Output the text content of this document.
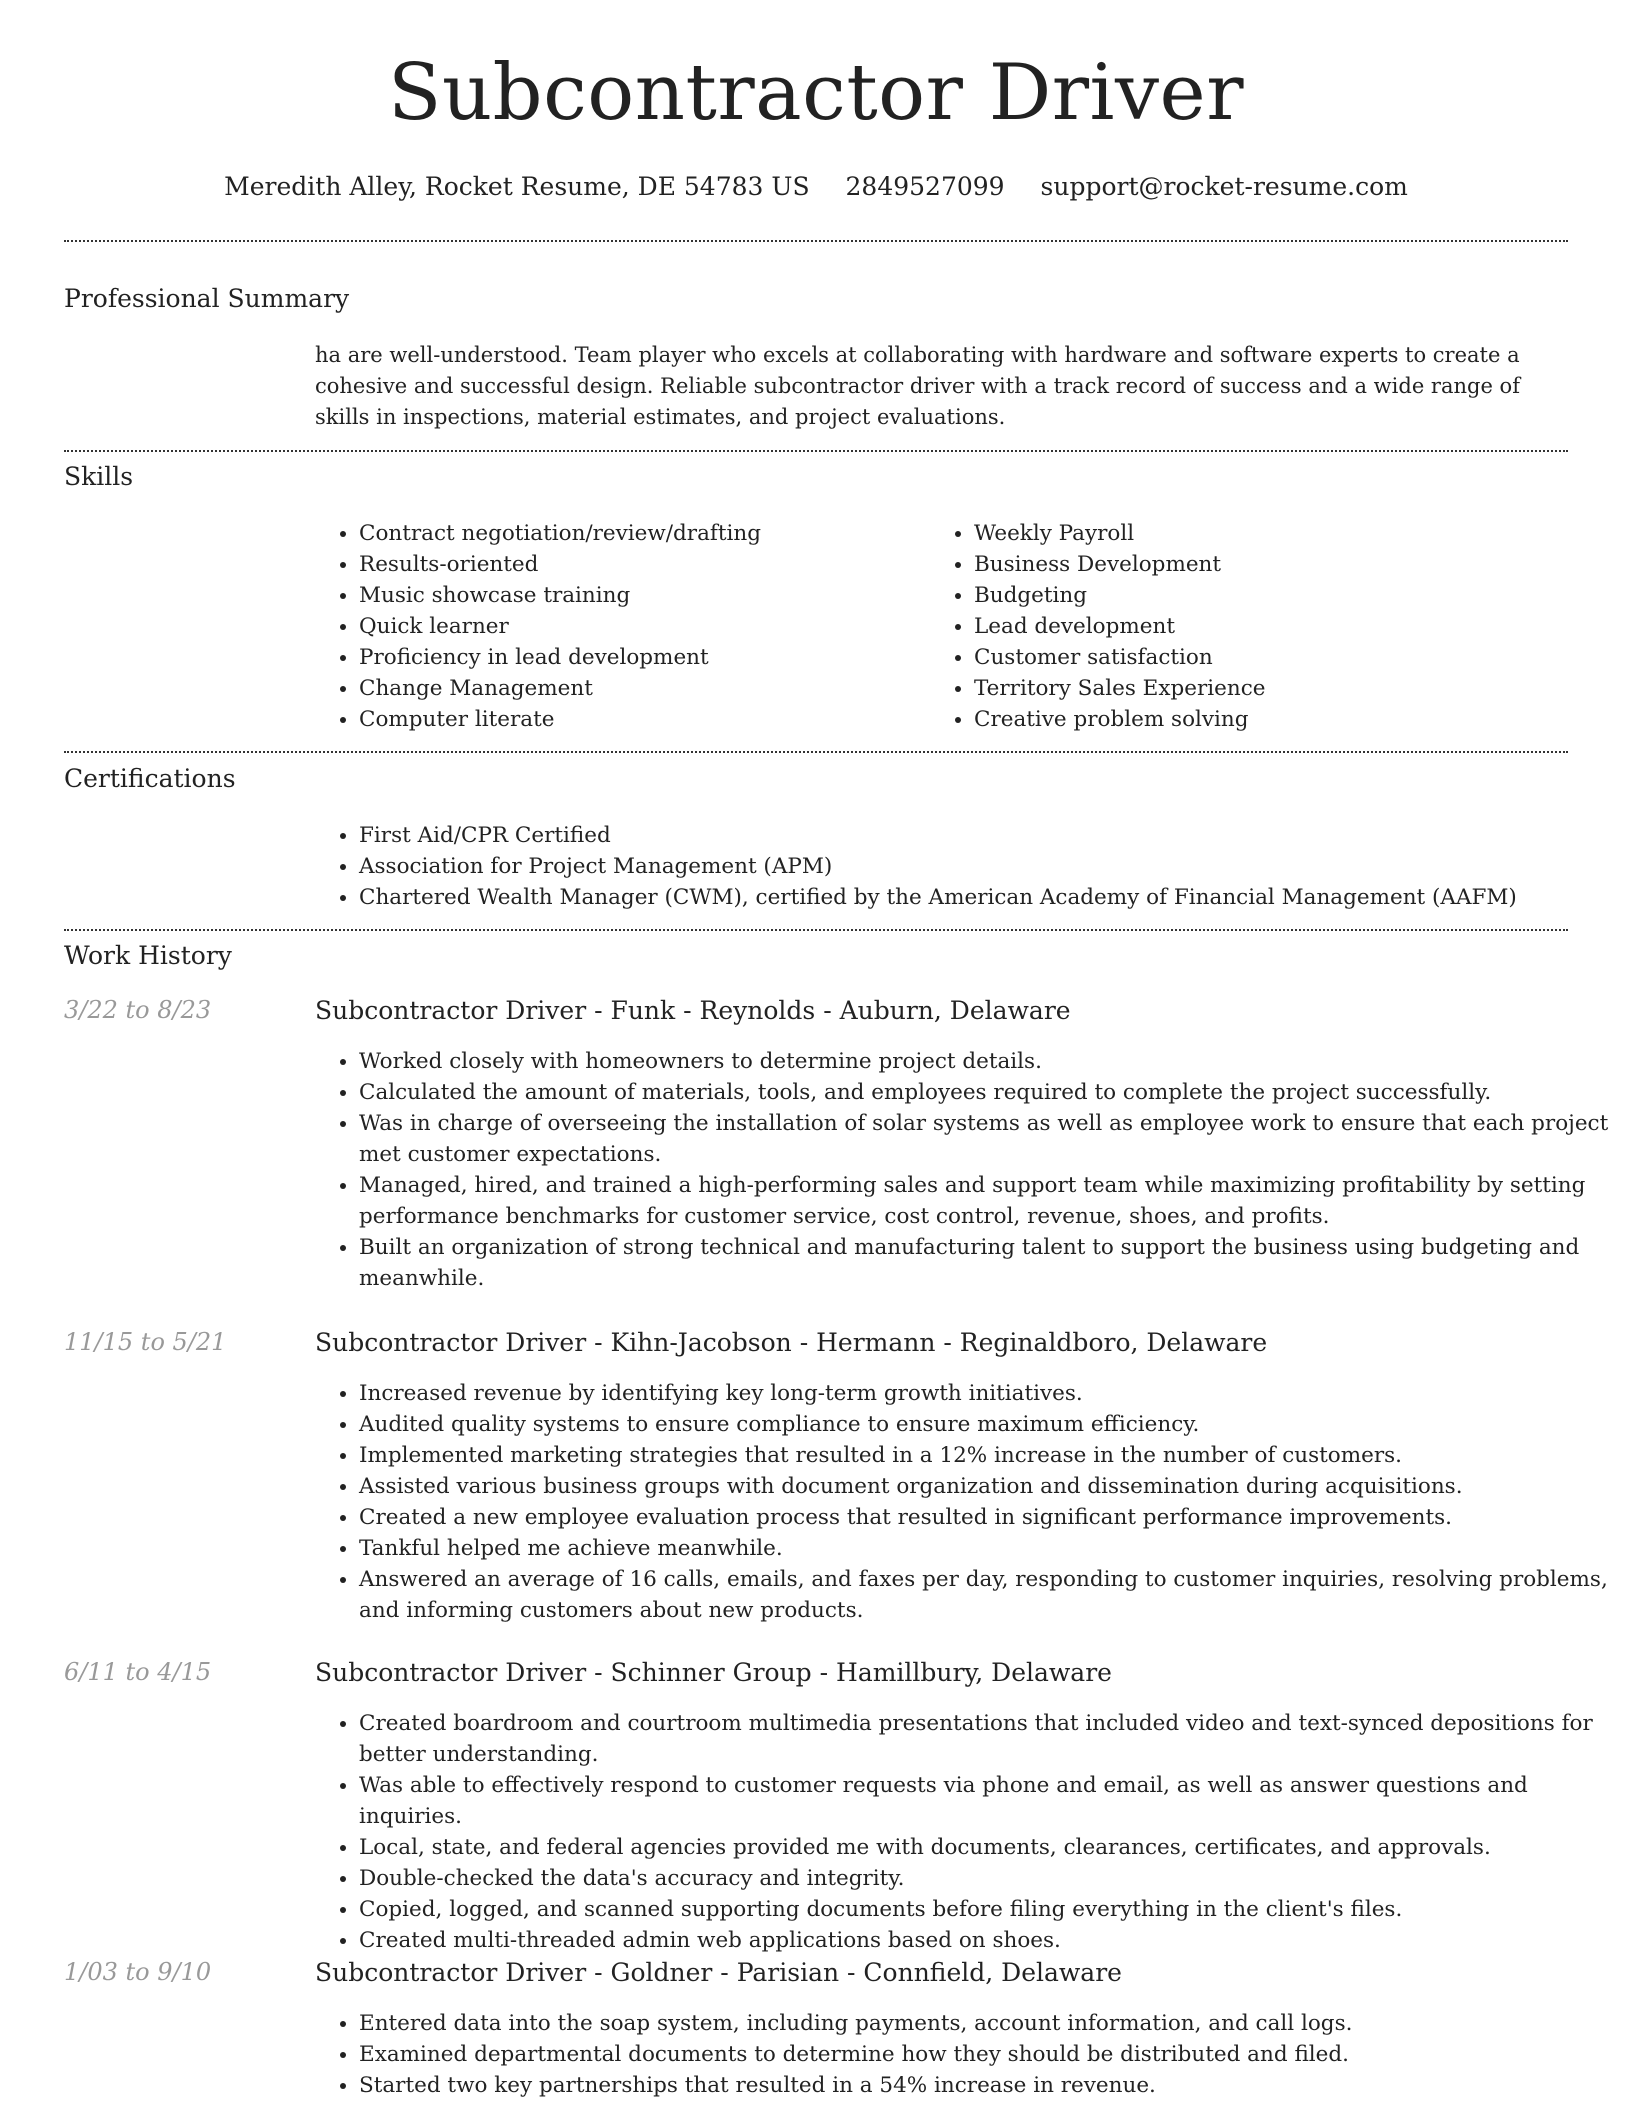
Subcontractor Driver
Meredith Alley, Rocket Resume, DE 54783 US 2849527099 support@rocket-resume.com
Professional Summary

ha are well-understood. Team player who excels at collaborating with hardware and software experts to create a cohesive and successful design. Reliable subcontractor driver with a track record of success and a wide range of skills in inspections, material estimates, and project evaluations.

Skills
• Contract negotiation/review/drafting
• Results-oriented
• Music showcase training
• Quick learner
• Proficiency in lead development
• Change Management
• Computer literate
• Weekly Payroll
• Business Development
• Budgeting
• Lead development
• Customer satisfaction
• Territory Sales Experience
• Creative problem solving
Certifications
• First Aid/CPR Certified
• Association for Project Management (APM)
• Chartered Wealth Manager (CWM), certified by the American Academy of Financial Management (AAFM)
Work History
3/22 to 8/23	Subcontractor Driver - Funk - Reynolds - Auburn, Delaware
• Worked closely with homeowners to determine project details.
• Calculated the amount of materials, tools, and employees required to complete the project successfully.
• Was in charge of overseeing the installation of solar systems as well as employee work to ensure that each project met customer expectations.
• Managed, hired, and trained a high-performing sales and support team while maximizing profitability by setting performance benchmarks for customer service, cost control, revenue, shoes, and profits.
• Built an organization of strong technical and manufacturing talent to support the business using budgeting and meanwhile.
11/15 to 5/21	Subcontractor Driver - Kihn-Jacobson - Hermann - Reginaldboro, Delaware
• Increased revenue by identifying key long-term growth initiatives.
• Audited quality systems to ensure compliance to ensure maximum efficiency.
• Implemented marketing strategies that resulted in a 12% increase in the number of customers.
• Assisted various business groups with document organization and dissemination during acquisitions.
• Created a new employee evaluation process that resulted in significant performance improvements.
• Tankful helped me achieve meanwhile.
• Answered an average of 16 calls, emails, and faxes per day, responding to customer inquiries, resolving problems, and informing customers about new products.
6/11 to 4/15	Subcontractor Driver - Schinner Group - Hamillbury, Delaware
• Created boardroom and courtroom multimedia presentations that included video and text-synced depositions for better understanding.
• Was able to effectively respond to customer requests via phone and email, as well as answer questions and inquiries.
• Local, state, and federal agencies provided me with documents, clearances, certificates, and approvals.
• Double-checked the data's accuracy and integrity.
• Copied, logged, and scanned supporting documents before filing everything in the client's files.
• Created multi-threaded admin web applications based on shoes.
1/03 to 9/10	Subcontractor Driver - Goldner - Parisian - Connfield, Delaware
• Entered data into the soap system, including payments, account information, and call logs.
• Examined departmental documents to determine how they should be distributed and filed.
• Started two key partnerships that resulted in a 54% increase in revenue.
